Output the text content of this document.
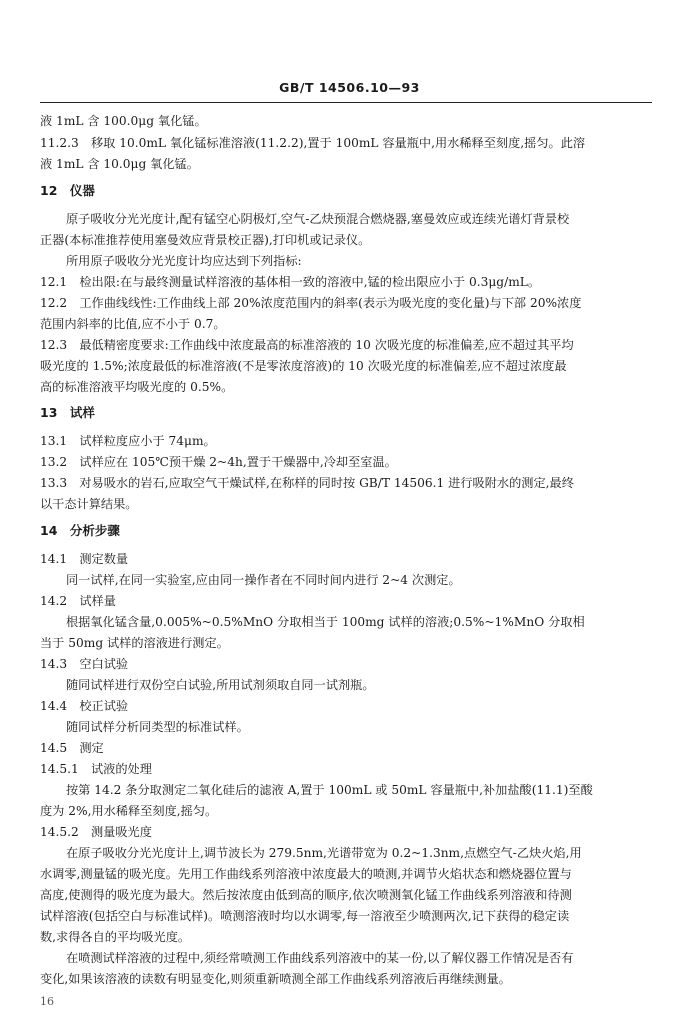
GB/T 14506.10—93
液 1mL 含 100.0μg 氧化锰。
11.2.3　移取 10.0mL 氧化锰标准溶液(11.2.2),置于 100mL 容量瓶中,用水稀释至刻度,摇匀。此溶
液 1mL 含 10.0μg 氧化锰。
12　仪器
原子吸收分光光度计,配有锰空心阴极灯,空气-乙炔预混合燃烧器,塞曼效应或连续光谱灯背景校
正器(本标准推荐使用塞曼效应背景校正器),打印机或记录仪。
所用原子吸收分光光度计均应达到下列指标:
12.1　检出限:在与最终测量试样溶液的基体相一致的溶液中,锰的检出限应小于 0.3μg/mL。
12.2　工作曲线线性:工作曲线上部 20%浓度范围内的斜率(表示为吸光度的变化量)与下部 20%浓度
范围内斜率的比值,应不小于 0.7。
12.3　最低精密度要求:工作曲线中浓度最高的标准溶液的 10 次吸光度的标准偏差,应不超过其平均
吸光度的 1.5%;浓度最低的标准溶液(不是零浓度溶液)的 10 次吸光度的标准偏差,应不超过浓度最
高的标准溶液平均吸光度的 0.5%。
13　试样
13.1　试样粒度应小于 74μm。
13.2　试样应在 105℃预干燥 2~4h,置于干燥器中,冷却至室温。
13.3　对易吸水的岩石,应取空气干燥试样,在称样的同时按 GB/T 14506.1 进行吸附水的测定,最终
以干态计算结果。
14　分析步骤
14.1　测定数量
同一试样,在同一实验室,应由同一操作者在不同时间内进行 2~4 次测定。
14.2　试样量
根据氧化锰含量,0.005%~0.5%MnO 分取相当于 100mg 试样的溶液;0.5%~1%MnO 分取相
当于 50mg 试样的溶液进行测定。
14.3　空白试验
随同试样进行双份空白试验,所用试剂须取自同一试剂瓶。
14.4　校正试验
随同试样分析同类型的标准试样。
14.5　测定
14.5.1　试液的处理
按第 14.2 条分取测定二氧化硅后的滤液 A,置于 100mL 或 50mL 容量瓶中,补加盐酸(11.1)至酸
度为 2%,用水稀释至刻度,摇匀。
14.5.2　测量吸光度
在原子吸收分光光度计上,调节波长为 279.5nm,光谱带宽为 0.2~1.3nm,点燃空气-乙炔火焰,用
水调零,测量锰的吸光度。先用工作曲线系列溶液中浓度最大的喷测,并调节火焰状态和燃烧器位置与
高度,使测得的吸光度为最大。然后按浓度由低到高的顺序,依次喷测氧化锰工作曲线系列溶液和待测
试样溶液(包括空白与标准试样)。喷测溶液时均以水调零,每一溶液至少喷测两次,记下获得的稳定读
数,求得各自的平均吸光度。
在喷测试样溶液的过程中,须经常喷测工作曲线系列溶液中的某一份,以了解仪器工作情况是否有
变化,如果该溶液的读数有明显变化,则须重新喷测全部工作曲线系列溶液后再继续测量。
16
